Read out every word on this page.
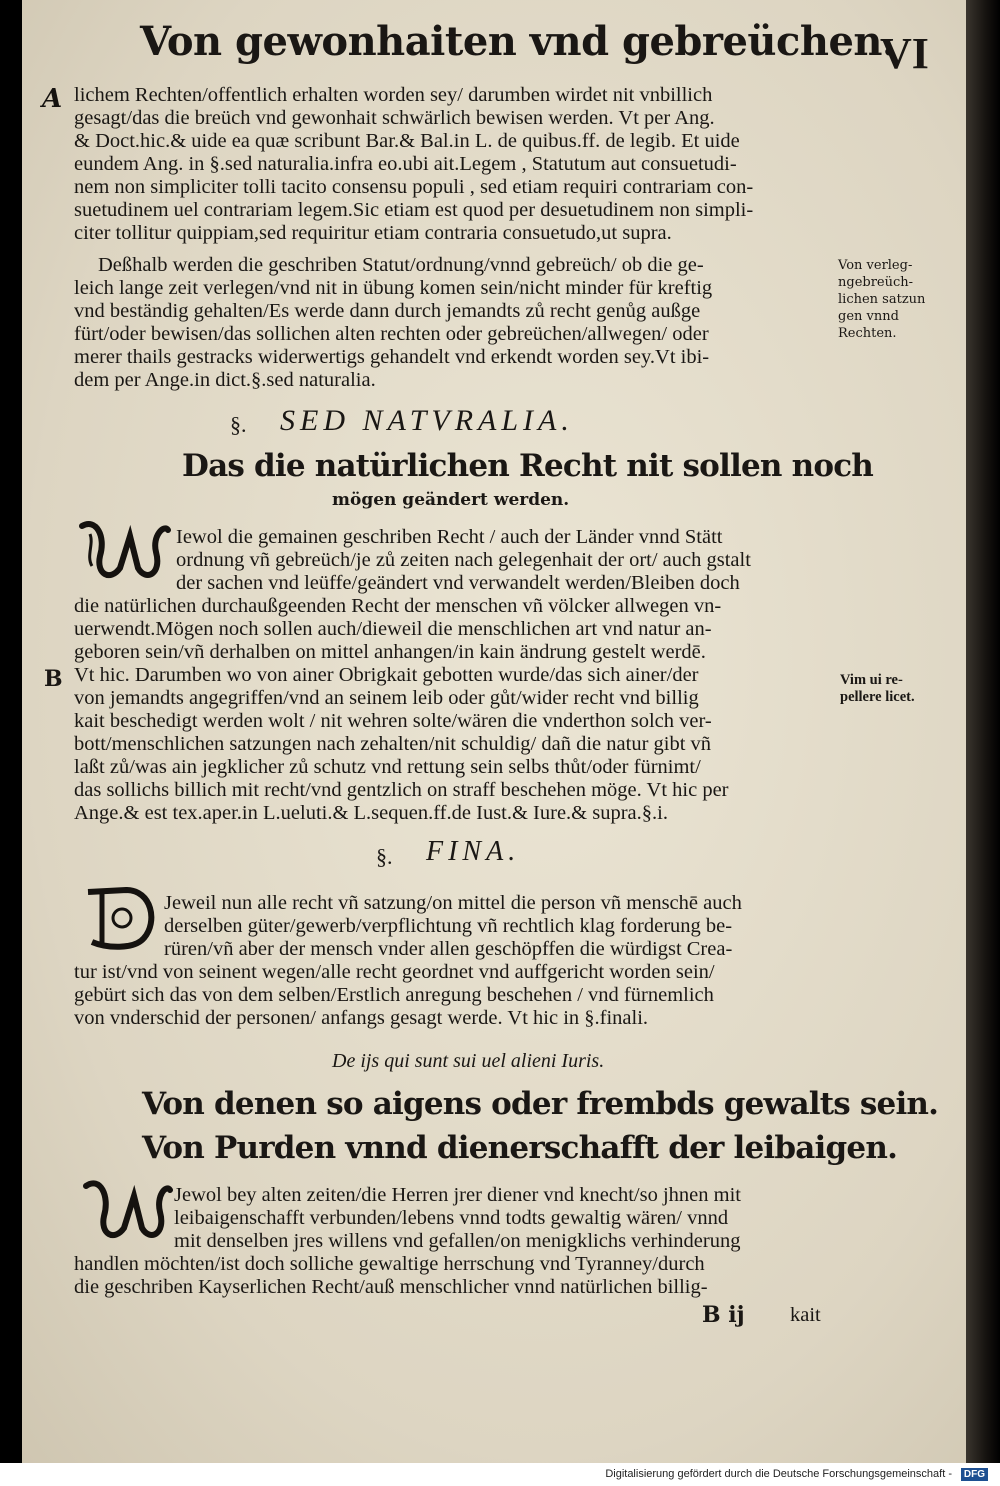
Von gewonhaiten vnd gebreüchen.
VI
A lichem Rechten/offentlich erhalten worden sey/ darumben wirdet nit vnbillich
gesagt/das die breüch vnd gewonhait schwärlich bewisen werden. Vt per Ang.
& Doct.hic.& uide ea quæ scribunt Bar.& Bal.in L. de quibus.ff. de legib. Et uide
eundem Ang. in §.sed naturalia.infra eo.ubi ait.Legem , Statutum aut consuetudi-
nem non simpliciter tolli tacito consensu populi , sed etiam requiri contrariam con-
suetudinem uel contrariam legem.Sic etiam est quod per desuetudinem non simpli-
citer tollitur quippiam,sed requiritur etiam contraria consuetudo,ut supra.
Deßhalb werden die geschriben Statut/ordnung/vnnd gebreüch/ ob die ge-
leich lange zeit verlegen/vnd nit in übung komen sein/nicht minder für kreftig
vnd beständig gehalten/Es werde dann durch jemandts zů recht genůg außge
fürt/oder bewisen/das sollichen alten rechten oder gebreüchen/allwegen/ oder
merer thails gestracks widerwertigs gehandelt vnd erkendt worden sey.Vt ibi-
dem per Ange.in dict.§.sed naturalia.
Von verleg-
ngebreüch-
lichen satzun
gen vnnd
Rechten.
§. SED NATVRALIA.
Das die natürlichen Recht nit sollen noch
mögen geändert werden.
Iewol die gemainen geschriben Recht / auch der Länder vnnd Stätt
ordnung vñ gebreüch/je zů zeiten nach gelegenhait der ort/ auch gstalt
der sachen vnd leüffe/geändert vnd verwandelt werden/Bleiben doch
die natürlichen durchaußgeenden Recht der menschen vñ völcker allwegen vn-
uerwendt.Mögen noch sollen auch/dieweil die menschlichen art vnd natur an-
geboren sein/vñ derhalben on mittel anhangen/in kain ändrung gestelt werdē.
B Vt hic. Darumben wo von ainer Obrigkait gebotten wurde/das sich ainer/der
von jemandts angegriffen/vnd an seinem leib oder gůt/wider recht vnd billig
kait beschedigt werden wolt / nit wehren solte/wären die vnderthon solch ver-
bott/menschlichen satzungen nach zehalten/nit schuldig/ dañ die natur gibt vñ
laßt zů/was ain jegklicher zů schutz vnd rettung sein selbs thůt/oder fürnimt/
das sollichs billich mit recht/vnd gentzlich on straff beschehen möge. Vt hic per
Ange.& est tex.aper.in L.ueluti.& L.sequen.ff.de Iust.& Iure.& supra.§.i.
Vim ui re-
pellere licet.
§. FINA.
Jeweil nun alle recht vñ satzung/on mittel die person vñ menschē auch
derselben güter/gewerb/verpflichtung vñ rechtlich klag forderung be-
rüren/vñ aber der mensch vnder allen geschöpffen die würdigst Crea-
tur ist/vnd von seinent wegen/alle recht geordnet vnd auffgericht worden sein/
gebürt sich das von dem selben/Erstlich anregung beschehen / vnd fürnemlich
von vnderschid der personen/ anfangs gesagt werde. Vt hic in §.finali.
De ijs qui sunt sui uel alieni Iuris.
Von denen so aigens oder frembds gewalts sein.
Von Purden vnnd dienerschafft der leibaigen.
Jewol bey alten zeiten/die Herren jrer diener vnd knecht/so jhnen mit
leibaigenschafft verbunden/lebens vnnd todts gewaltig wären/ vnnd
mit denselben jres willens vnd gefallen/on menigklichs verhinderung
handlen möchten/ist doch solliche gewaltige herrschung vnd Tyranney/durch
die geschriben Kayserlichen Recht/auß menschlicher vnnd natürlichen billig-
B ij kait
Digitalisierung gefördert durch die Deutsche Forschungsgemeinschaft -	DFG
